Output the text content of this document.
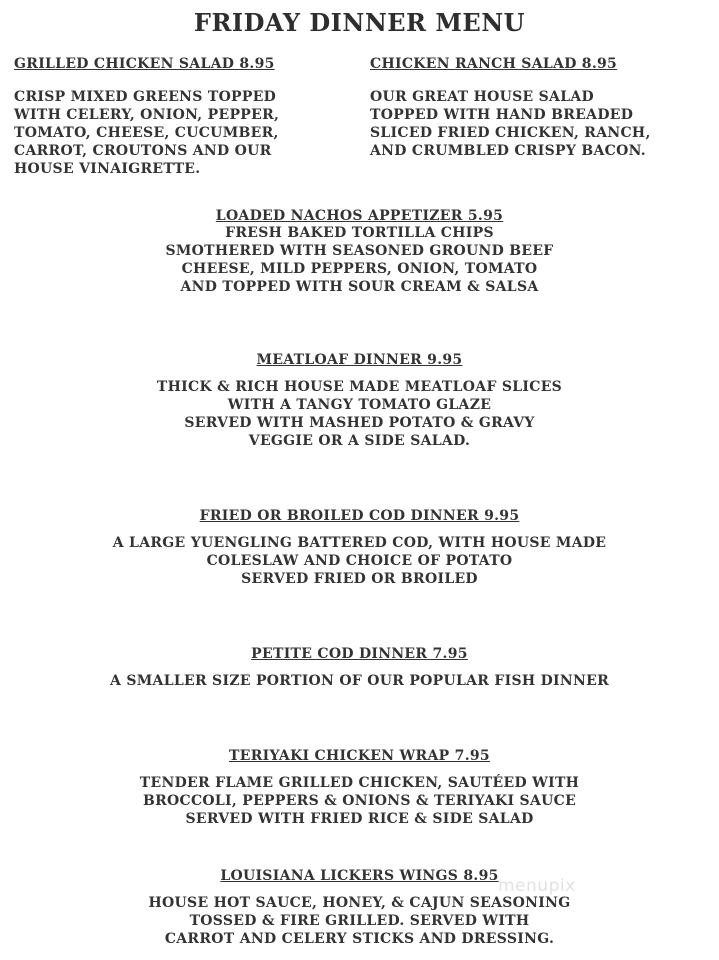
FRIDAY DINNER MENU
GRILLED CHICKEN SALAD 8.95
CRISP MIXED GREENS TOPPED
WITH CELERY, ONION, PEPPER,
TOMATO, CHEESE, CUCUMBER,
CARROT, CROUTONS AND OUR
HOUSE VINAIGRETTE.
CHICKEN RANCH SALAD 8.95
OUR GREAT HOUSE SALAD
TOPPED WITH HAND BREADED
SLICED FRIED CHICKEN, RANCH,
AND CRUMBLED CRISPY BACON.
LOADED NACHOS APPETIZER 5.95
FRESH BAKED TORTILLA CHIPS
SMOTHERED WITH SEASONED GROUND BEEF
CHEESE, MILD PEPPERS, ONION, TOMATO
AND TOPPED WITH SOUR CREAM & SALSA
MEATLOAF DINNER 9.95
THICK & RICH HOUSE MADE MEATLOAF SLICES
WITH A TANGY TOMATO GLAZE
SERVED WITH MASHED POTATO & GRAVY
VEGGIE OR A SIDE SALAD.
FRIED OR BROILED COD DINNER 9.95
A LARGE YUENGLING BATTERED COD, WITH HOUSE MADE
COLESLAW AND CHOICE OF POTATO
SERVED FRIED OR BROILED
PETITE COD DINNER 7.95
A SMALLER SIZE PORTION OF OUR POPULAR FISH DINNER
TERIYAKI CHICKEN WRAP 7.95
TENDER FLAME GRILLED CHICKEN, SAUTÉED WITH
BROCCOLI, PEPPERS & ONIONS & TERIYAKI SAUCE
SERVED WITH FRIED RICE & SIDE SALAD
LOUISIANA LICKERS WINGS 8.95
HOUSE HOT SAUCE, HONEY, & CAJUN SEASONING
TOSSED & FIRE GRILLED. SERVED WITH
CARROT AND CELERY STICKS AND DRESSING.
menupix
